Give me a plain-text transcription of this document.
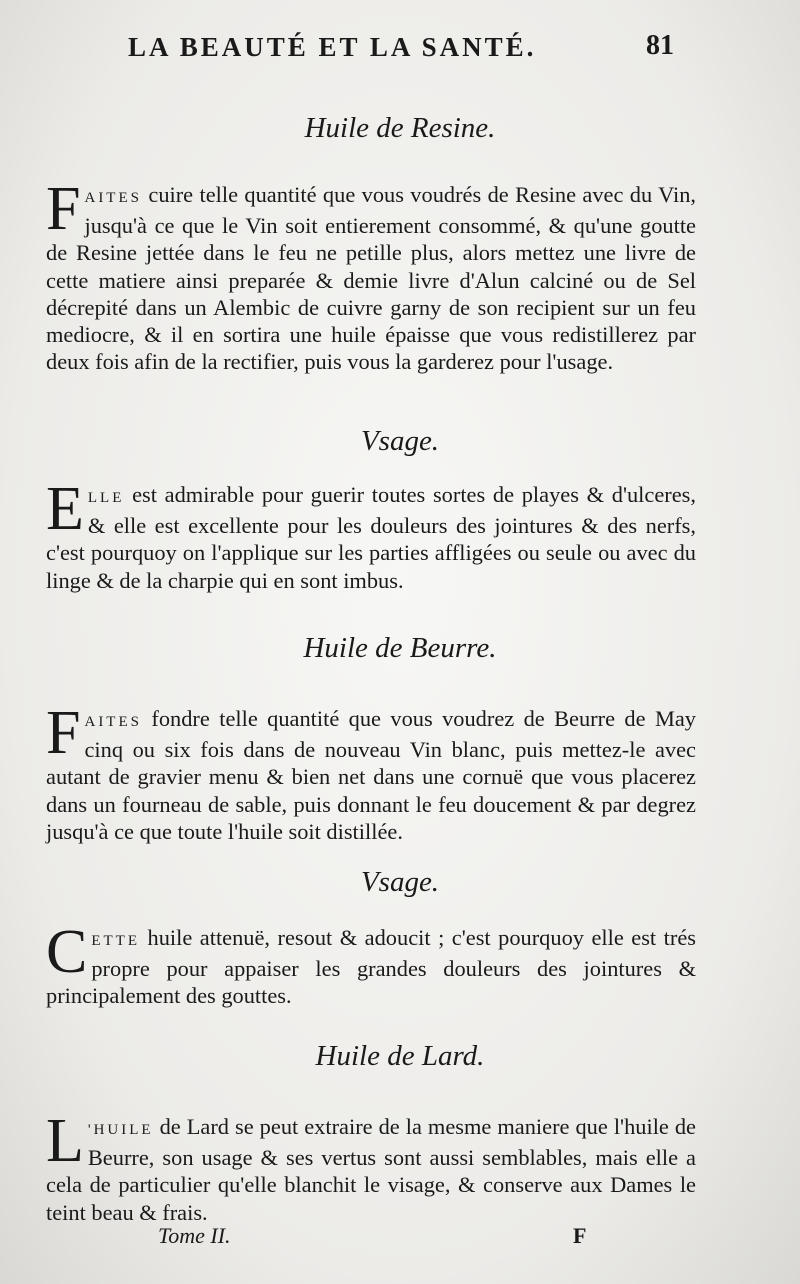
LA BEAUTÉ ET LA SANTÉ.	81
Huile de Resine.
F AITES cuire telle quantité que vous voudrés de Resine avec du Vin, jusqu'à ce que le Vin soit entierement consommé, & qu'une goutte de Resine jettée dans le feu ne petille plus, alors mettez une livre de cette matiere ainsi preparée & demie livre d'Alun calciné ou de Sel décrepité dans un Alembic de cuivre garny de son recipient sur un feu mediocre, & il en sortira une huile épaisse que vous redistillerez par deux fois afin de la rectifier, puis vous la garderez pour l'usage.
Vsage.
E LLE est admirable pour guerir toutes sortes de playes & d'ulceres, & elle est excellente pour les douleurs des jointures & des nerfs, c'est pourquoy on l'applique sur les parties affligées ou seule ou avec du linge & de la charpie qui en sont imbus.
Huile de Beurre.
F AITES fondre telle quantité que vous voudrez de Beurre de May cinq ou six fois dans de nouveau Vin blanc, puis mettez-le avec autant de gravier menu & bien net dans une cornuë que vous placerez dans un fourneau de sable, puis donnant le feu doucement & par degrez jusqu'à ce que toute l'huile soit distillée.
Vsage.
C ETTE huile attenuë, resout & adoucit ; c'est pourquoy elle est trés propre pour appaiser les grandes douleurs des jointures & principalement des gouttes.
Huile de Lard.
L 'HUILE de Lard se peut extraire de la mesme maniere que l'huile de Beurre, son usage & ses vertus sont aussi semblables, mais elle a cela de particulier qu'elle blanchit le visage, & conserve aux Dames le teint beau & frais.
Tome II.	F
